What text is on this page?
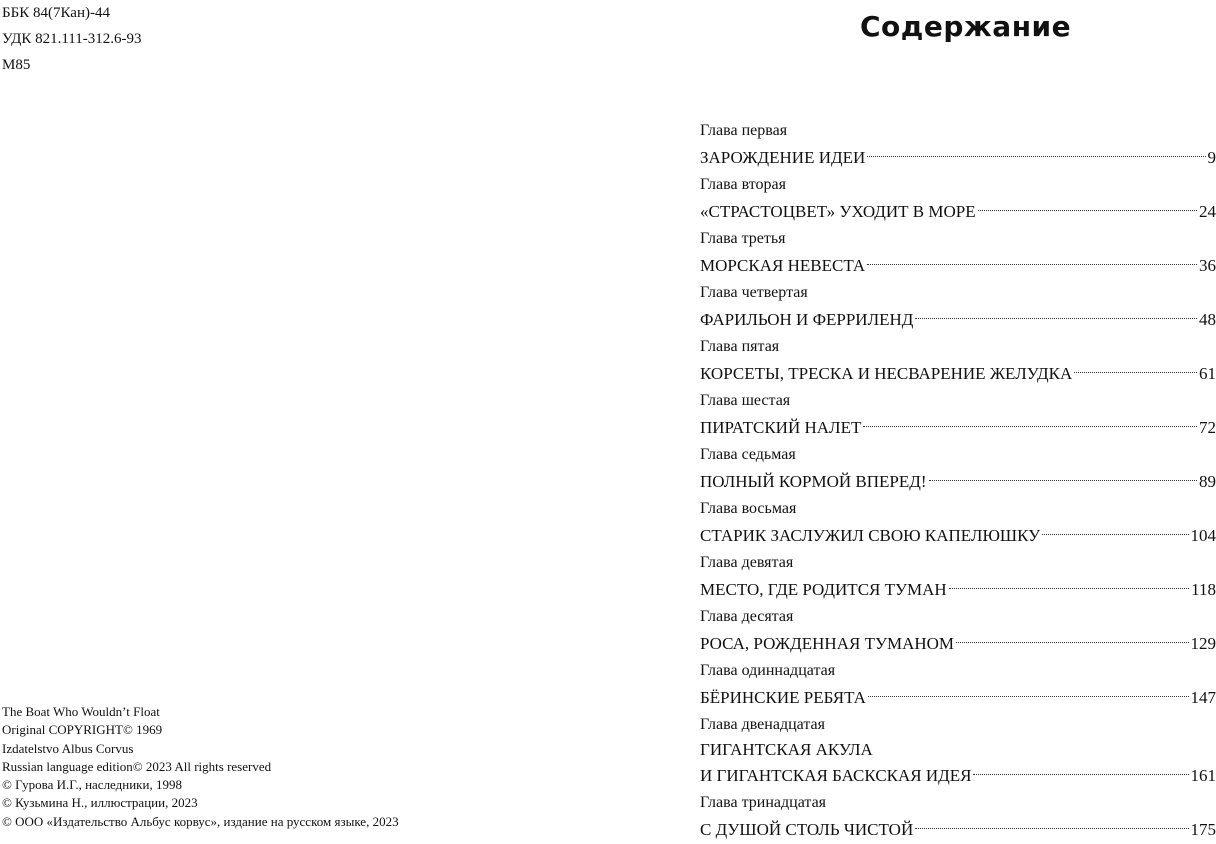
ББК 84(7Кан)-44
УДК 821.111-312.6-93
М85
The Boat Who Wouldn’t Float
Original COPYRIGHT© 1969
Izdatelstvo Albus Corvus
Russian language edition© 2023 All rights reserved
© Гурова И.Г., наследники, 1998
© Кузьмина Н., иллюстрации, 2023
© ООО «Издательство Альбус корвус», издание на русском языке, 2023
Содержание
Глава первая
ЗАРОЖДЕНИЕ ИДЕИ	9
Глава вторая
«СТРАСТОЦВЕТ» УХОДИТ В МОРЕ	24
Глава третья
МОРСКАЯ НЕВЕСТА	36
Глава четвертая
ФАРИЛЬОН И ФЕРРИЛЕНД	48
Глава пятая
КОРСЕТЫ, ТРЕСКА И НЕСВАРЕНИЕ ЖЕЛУДКА	61
Глава шестая
ПИРАТСКИЙ НАЛЕТ	72
Глава седьмая
ПОЛНЫЙ КОРМОЙ ВПЕРЕД!	89
Глава восьмая
СТАРИК ЗАСЛУЖИЛ СВОЮ КАПЕЛЮШКУ	104
Глава девятая
МЕСТО, ГДЕ РОДИТСЯ ТУМАН	118
Глава десятая
РОСА, РОЖДЕННАЯ ТУМАНОМ	129
Глава одиннадцатая
БЁРИНСКИЕ РЕБЯТА	147
Глава двенадцатая
ГИГАНТСКАЯ АКУЛА
И ГИГАНТСКАЯ БАСКСКАЯ ИДЕЯ	161
Глава тринадцатая
С ДУШОЙ СТОЛЬ ЧИСТОЙ	175
